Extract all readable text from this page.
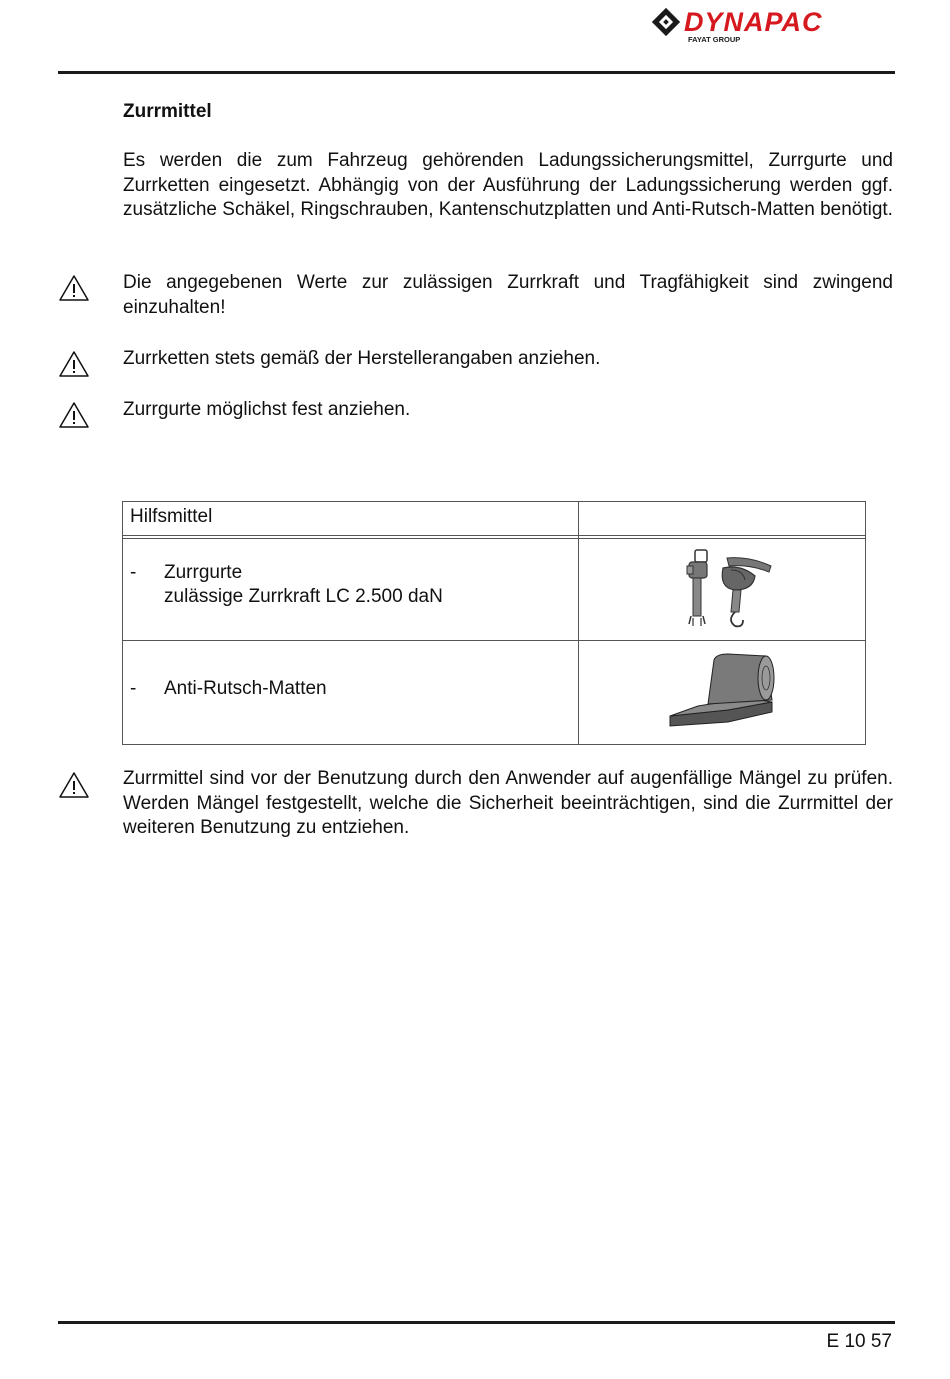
DYNAPAC
FAYAT GROUP
Zurrmittel

Es werden die zum Fahrzeug gehörenden Ladungssicherungsmittel, Zurrgurte und Zurrketten eingesetzt. Abhängig von der Ausführung der Ladungssicherung werden ggf. zusätzliche Schäkel, Ringschrauben, Kantenschutzplatten und Anti-Rutsch-Matten benötigt.

Die angegebenen Werte zur zulässigen Zurrkraft und Tragfähigkeit sind zwingend einzuhalten!

Zurrketten stets gemäß der Herstellerangaben anziehen.

Zurrgurte möglichst fest anziehen.

Hilfsmittel
- Zurrgurte
zulässige Zurrkraft LC 2.500 daN
- Anti-Rutsch-Matten

Zurrmittel sind vor der Benutzung durch den Anwender auf augenfällige Mängel zu prüfen. Werden Mängel festgestellt, welche die Sicherheit beeinträchtigen, sind die Zurrmittel der weiteren Benutzung zu entziehen.

E 10 57
